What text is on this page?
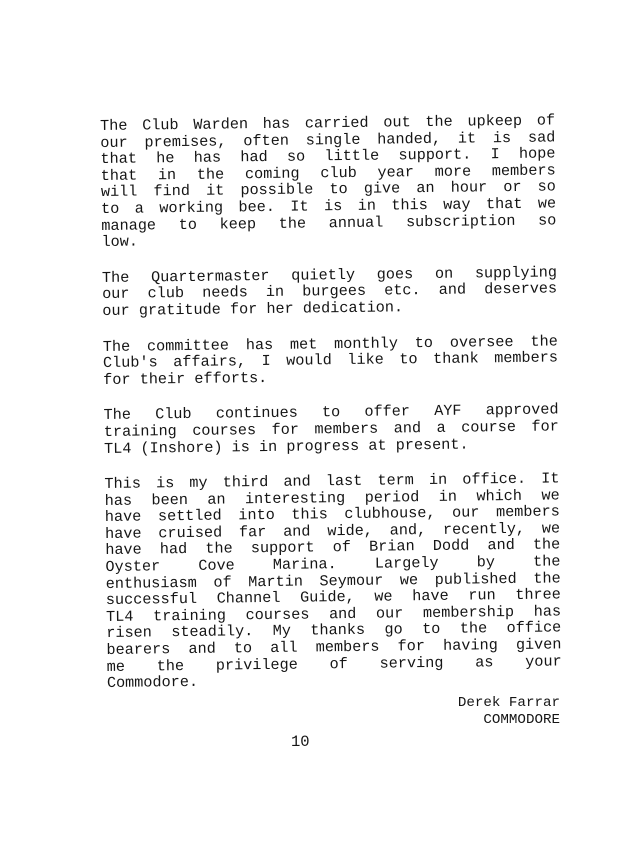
The Club Warden has carried out the upkeep of
our premises, often single handed, it is sad
that he has had so little support. I hope
that in the coming club year more members
will find it possible to give an hour or so
to a working bee. It is in this way that we
manage to keep the annual subscription so
low.

The Quartermaster quietly goes on supplying
our club needs in burgees etc. and deserves
our gratitude for her dedication.

The committee has met monthly to oversee the
Club's affairs, I would like to thank members
for their efforts.

The Club continues to offer AYF approved
training courses for members and a course for
TL4 (Inshore) is in progress at present.

This is my third and last term in office. It
has been an interesting period in which we
have settled into this clubhouse, our members
have cruised far and wide, and, recently, we
have had the support of Brian Dodd and the
Oyster Cove Marina. Largely by the
enthusiasm of Martin Seymour we published the
successful Channel Guide, we have run three
TL4 training courses and our membership has
risen steadily. My thanks go to the office
bearers and to all members for having given
me the privilege of serving as your
Commodore.

Derek Farrar
COMMODORE
10
